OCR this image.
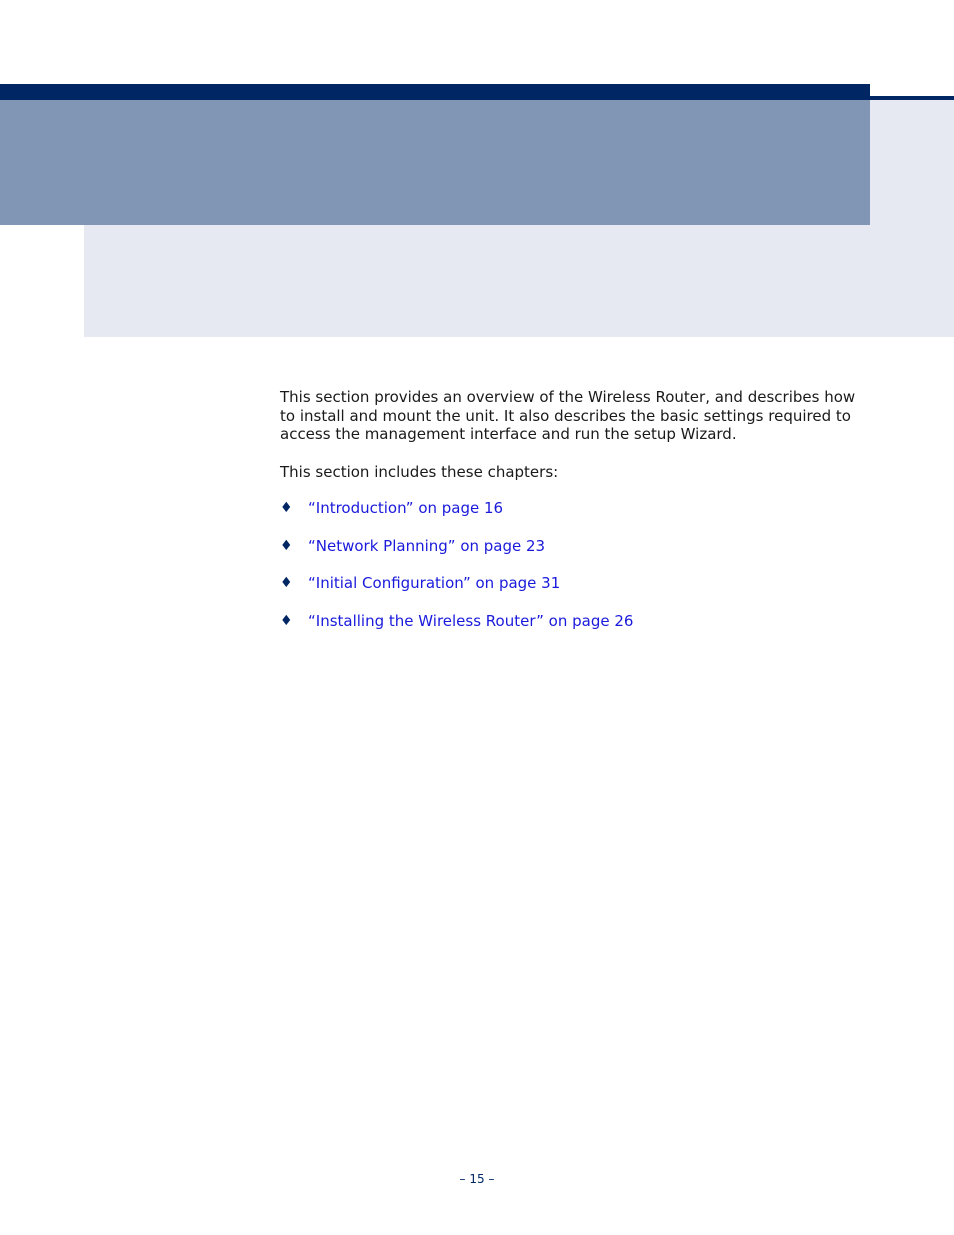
This section provides an overview of the Wireless Router, and describes how to install and mount the unit. It also describes the basic settings required to access the management interface and run the setup Wizard.

This section includes these chapters:

♦	“Introduction” on page 16
♦	“Network Planning” on page 23
♦	“Initial Configuration” on page 31
♦	“Installing the Wireless Router” on page 26
– 15 –
